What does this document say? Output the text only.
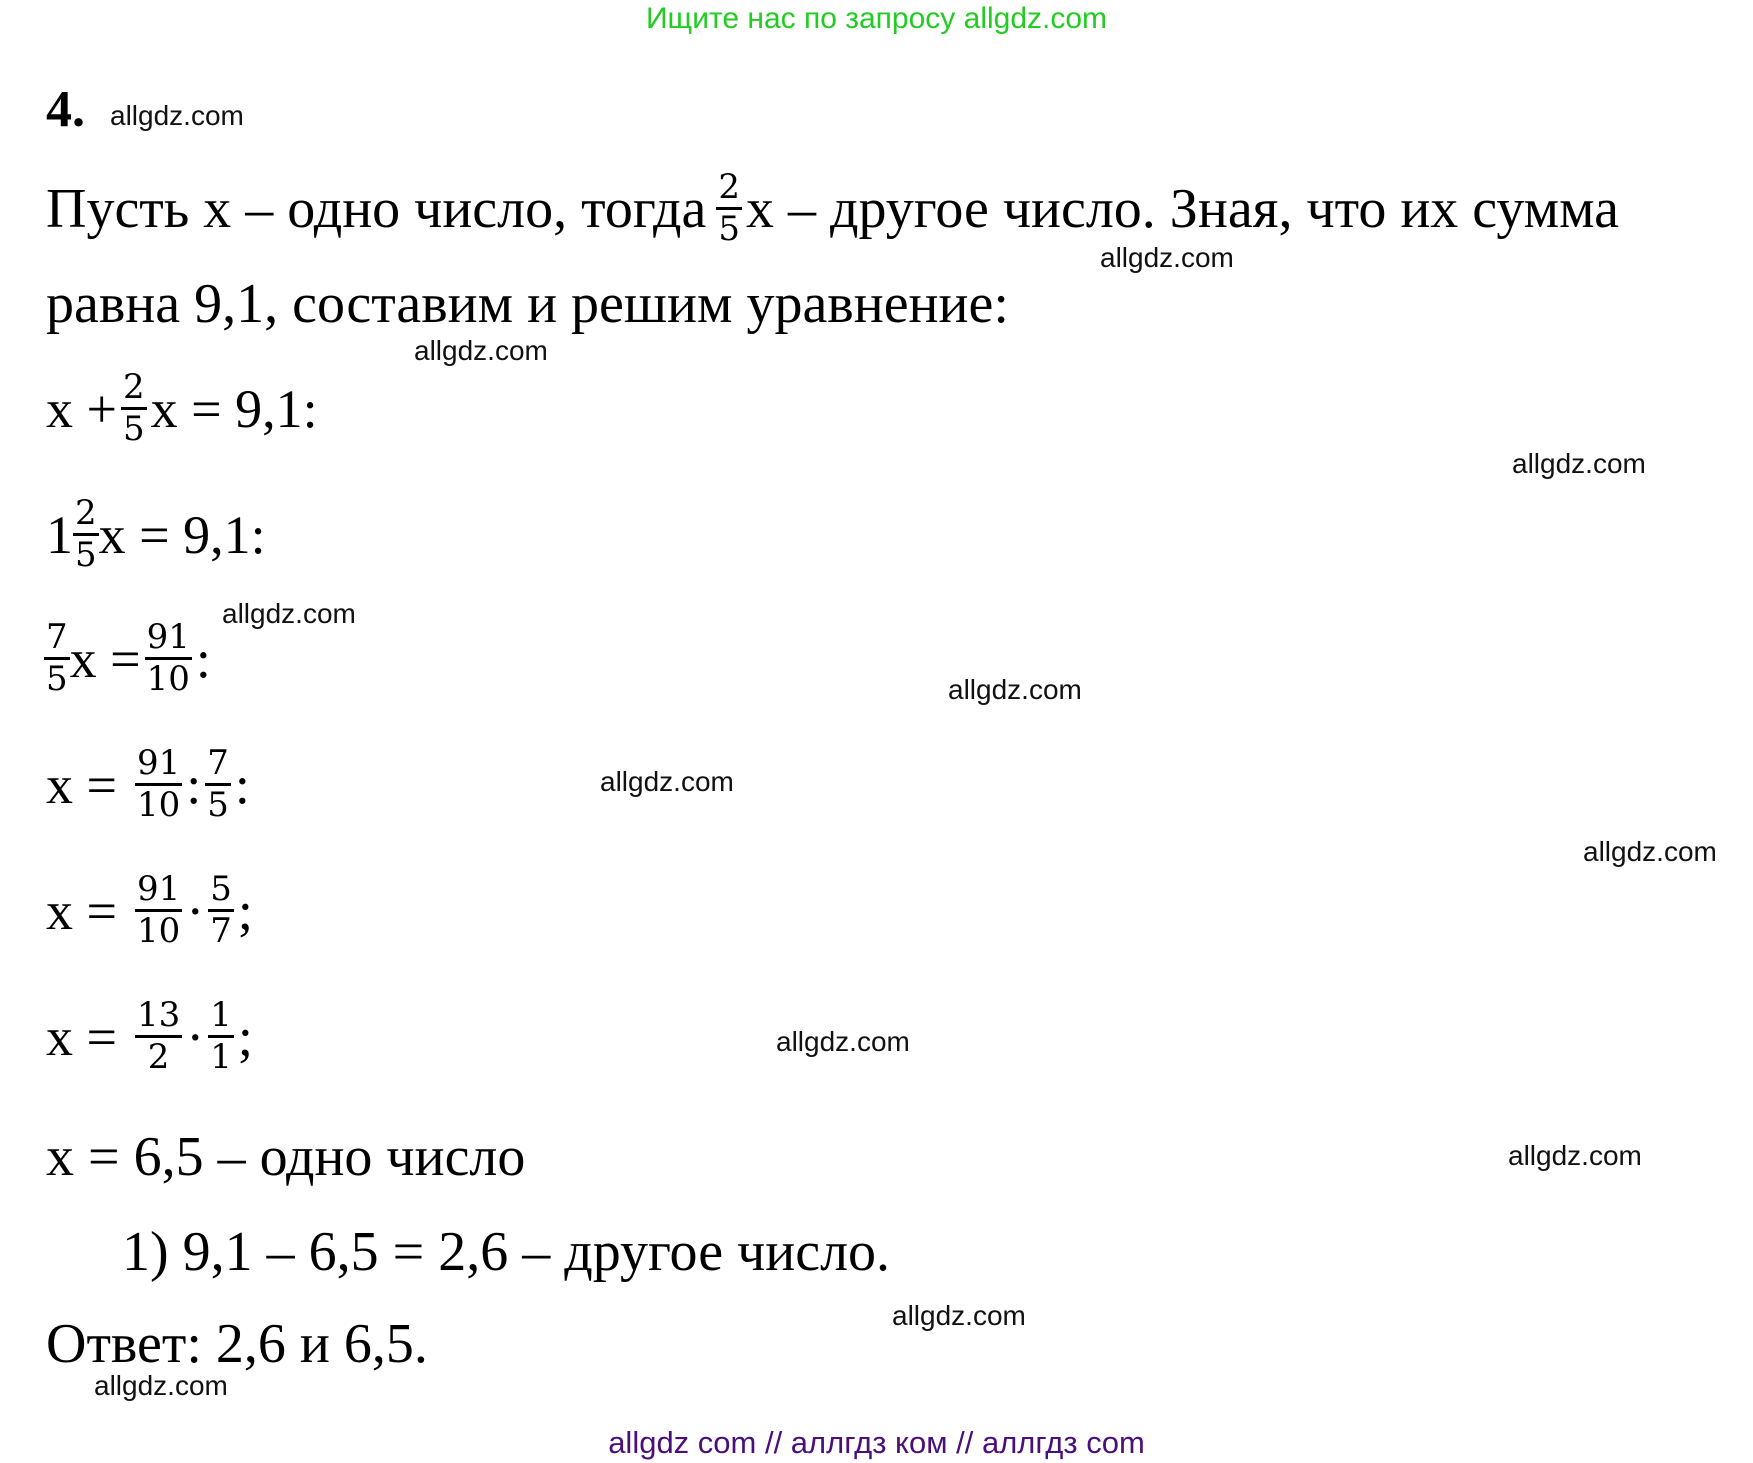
Ищите нас по запросу allgdz.com
4. allgdz.com
Пусть x – одно число, тогда $\frac{2}{5}$ x – другое число. Зная, что их сумма
allgdz.com
равна 9,1, составим и решим уравнение:
allgdz.com
$x + \frac{2}{5}$ x = 9,1:
allgdz.com
$1 \frac{2}{5}$ x = 9,1:
allgdz.com
$\frac{7}{5}$ $x = \frac{91}{10}$ :
allgdz.com
$x = \frac{91}{10}$ : $\frac{7}{5}$ :	allgdz.com
allgdz.com
$x = \frac{91}{10} \cdot \frac{5}{7}$ ;
$x = \frac{13}{2} \cdot \frac{1}{1}$ ;	allgdz.com
x = 6,5 – одно число	allgdz.com
1) 9,1 – 6,5 = 2,6 – другое число.
allgdz.com
Ответ: 2,6 и 6,5.
allgdz.com
allgdz com // аллгдз ком // аллгдз com
